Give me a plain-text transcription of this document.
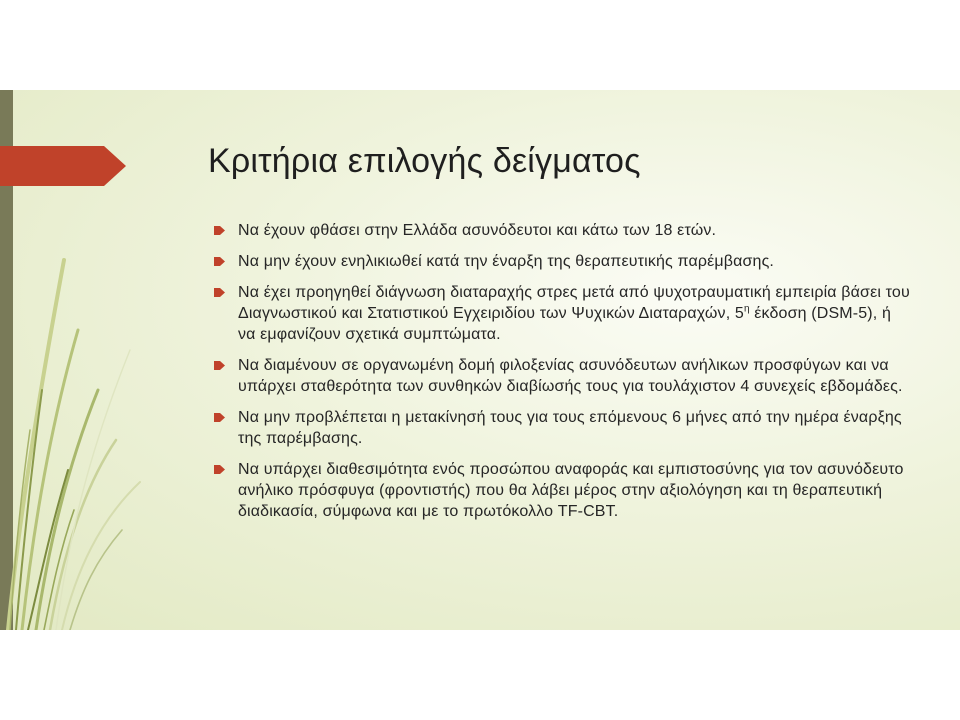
Κριτήρια επιλογής δείγματος

Να έχουν φθάσει στην Ελλάδα ασυνόδευτοι και κάτω των 18 ετών.

Να μην έχουν ενηλικιωθεί κατά την έναρξη της θεραπευτικής παρέμβασης.

Να έχει προηγηθεί διάγνωση διαταραχής στρες μετά από ψυχοτραυματική εμπειρία βάσει του Διαγνωστικού και Στατιστικού Εγχειριδίου των Ψυχικών Διαταραχών, $5^\eta$ έκδοση (DSM-5), ή να εμφανίζουν σχετικά συμπτώματα.

Να διαμένουν σε οργανωμένη δομή φιλοξενίας ασυνόδευτων ανήλικων προσφύγων και να υπάρχει σταθερότητα των συνθηκών διαβίωσής τους για τουλάχιστον 4 συνεχείς εβδομάδες.

Να μην προβλέπεται η μετακίνησή τους για τους επόμενους 6 μήνες από την ημέρα έναρξης της παρέμβασης.

Να υπάρχει διαθεσιμότητα ενός προσώπου αναφοράς και εμπιστοσύνης για τον ασυνόδευτο ανήλικο πρόσφυγα (φροντιστής) που θα λάβει μέρος στην αξιολόγηση και τη θεραπευτική διαδικασία, σύμφωνα και με το πρωτόκολλο TF-CBT.
